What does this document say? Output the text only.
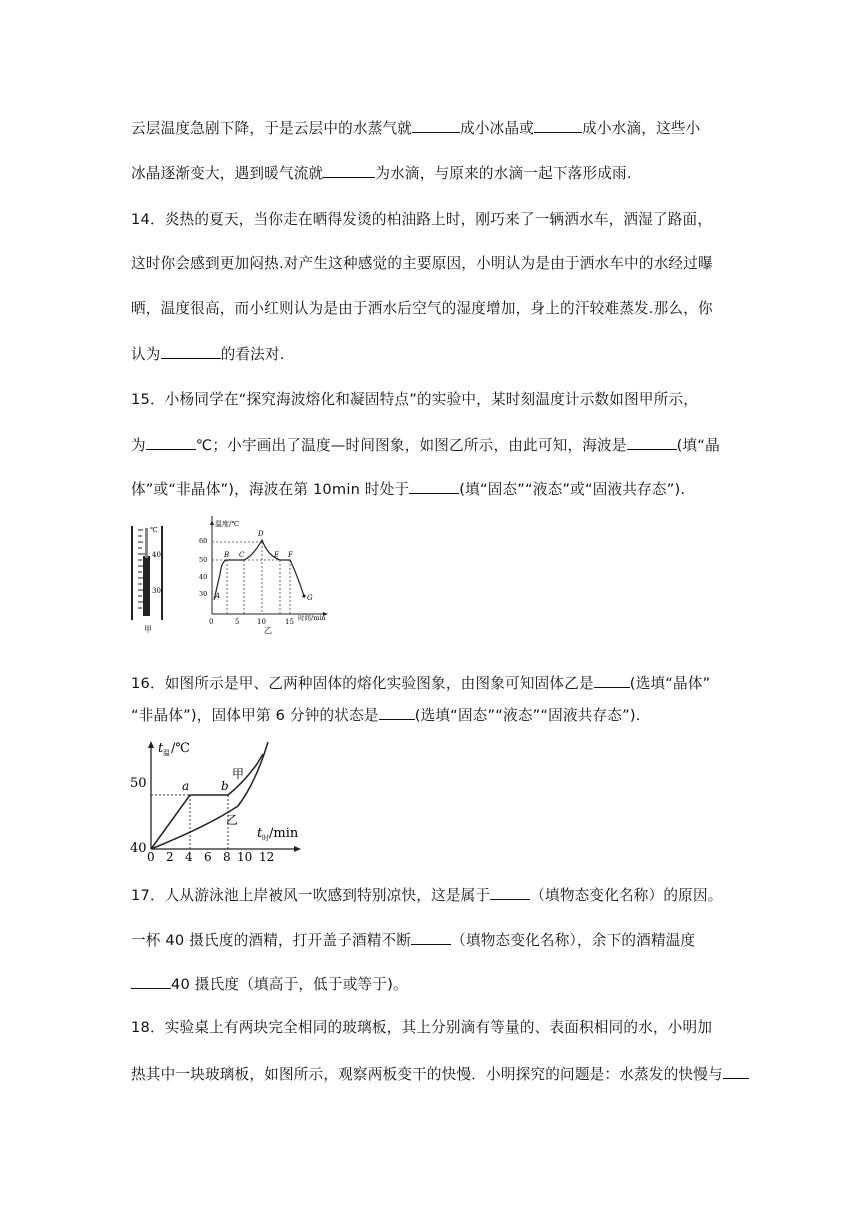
云层温度急剧下降，于是云层中的水蒸气就	成小冰晶或	成小水滴，这些小
冰晶逐渐变大，遇到暖气流就	为水滴，与原来的水滴一起下落形成雨.
14．炎热的夏天，当你走在晒得发烫的柏油路上时，刚巧来了一辆洒水车，洒湿了路面，
这时你会感到更加闷热.对产生这种感觉的主要原因，小明认为是由于洒水车中的水经过曝
晒，温度很高，而小红则认为是由于洒水后空气的湿度增加，身上的汗较难蒸发.那么，你
认为	的看法对.
15．小杨同学在“探究海波熔化和凝固特点”的实验中，某时刻温度计示数如图甲所示，
为	℃；小宇画出了温度—时间图象，如图乙所示，由此可知，海波是	(填“晶
体”或“非晶体”)，海波在第 10min 时处于	(填“固态”“液态”或“固液共存态”).
16．如图所示是甲、乙两种固体的熔化实验图象，由图象可知固体乙是 (选填“晶体”
“非晶体”)，固体甲第 6 分钟的状态是 (选填“固态”“液态”“固液共存态”).
17．人从游泳池上岸被风一吹感到特别凉快，这是属于	（填物态变化名称）的原因。
一杯 40 摄氏度的酒精，打开盖子酒精不断	（填物态变化名称），余下的酒精温度
40 摄氏度（填高于，低于或等于)。
18．实验桌上有两块完全相同的玻璃板，其上分别滴有等量的、表面积相同的水，小明加
热其中一块玻璃板，如图所示，观察两板变干的快慢．小明探究的问题是：水蒸发的快慢与
℃
40
30
甲
温度/℃
时间/min
60
50
40
30
0	5	10	15
A
B C
D
E F
G
乙
t 温 /℃
t 时 /min
50
40
0 2 4 6 8 10 12
a	b
甲
乙
